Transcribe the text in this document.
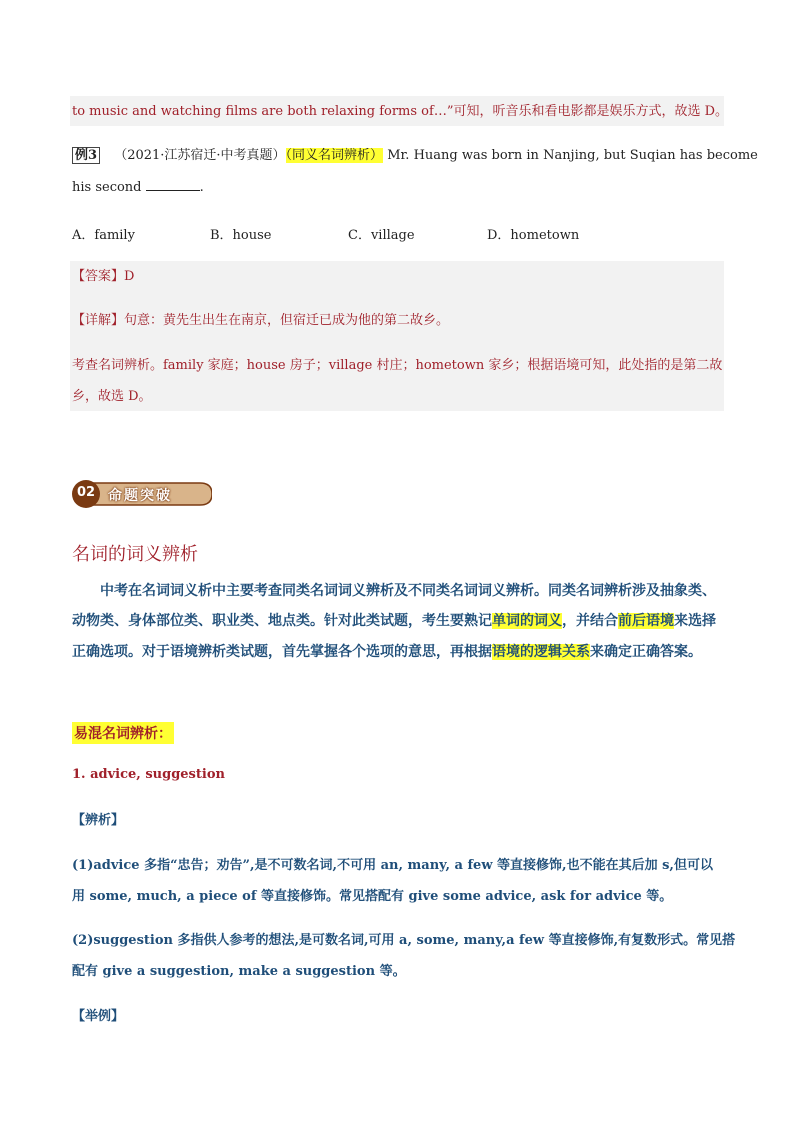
to music and watching films are both relaxing forms of…”可知，听音乐和看电影都是娱乐方式，故选 D。
例3 （2021·江苏宿迁·中考真题）（同义名词辨析） Mr. Huang was born in Nanjing, but Suqian has become
his second	.
A．family	B．house	C．village	D．hometown
【答案】D
【详解】句意：黄先生出生在南京，但宿迁已成为他的第二故乡。
考查名词辨析。family 家庭；house 房子；village 村庄；hometown 家乡；根据语境可知，此处指的是第二故
乡，故选 D。
02 命题突破
名词的词义辨析
中考在名词词义析中主要考查同类名词词义辨析及不同类名词词义辨析。同类名词辨析涉及抽象类、
动物类、身体部位类、职业类、地点类。针对此类试题，考生要熟记单词的词义，并结合前后语境来选择
正确选项。对于语境辨析类试题，首先掌握各个选项的意思，再根据语境的逻辑关系来确定正确答案。
易混名词辨析：
1. advice, suggestion
【辨析】
(1)advice 多指“忠告；劝告”,是不可数名词,不可用 an, many, a few 等直接修饰,也不能在其后加 s,但可以
用 some, much, a piece of 等直接修饰。常见搭配有 give some advice, ask for advice 等。
(2)suggestion 多指供人参考的想法,是可数名词,可用 a, some, many,a few 等直接修饰,有复数形式。常见搭
配有 give a suggestion, make a suggestion 等。
【举例】
